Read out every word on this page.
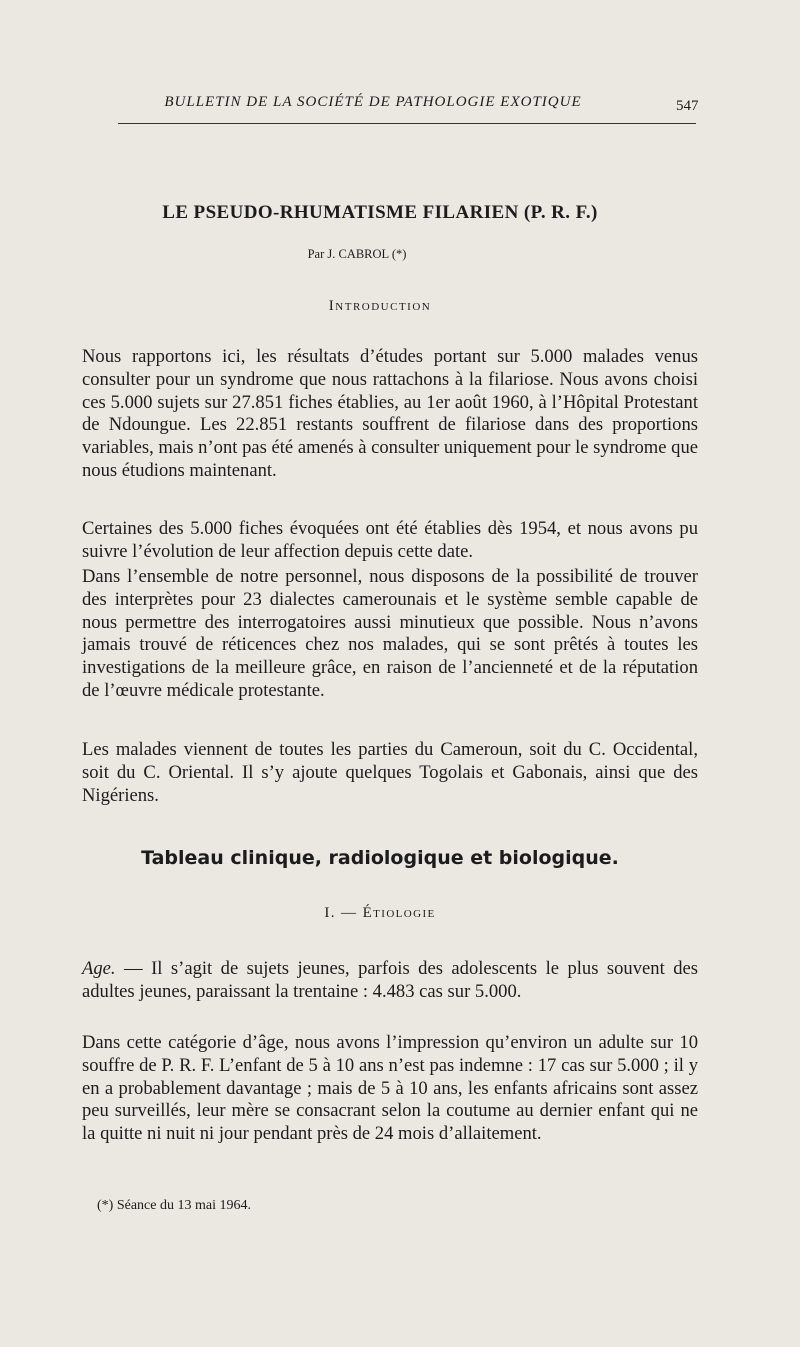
BULLETIN DE LA SOCIÉTÉ DE PATHOLOGIE EXOTIQUE	547
LE PSEUDO-RHUMATISME FILARIEN (P. R. F.)
Par J. CABROL (*)
Introduction

Nous rapportons ici, les résultats d’études portant sur 5.000 malades venus consulter pour un syndrome que nous rattachons à la filariose. Nous avons choisi ces 5.000 sujets sur 27.851 fiches établies, au 1er août 1960, à l’Hôpital Protestant de Ndoungue. Les 22.851 restants souffrent de filariose dans des proportions variables, mais n’ont pas été amenés à consulter uniquement pour le syndrome que nous étudions maintenant.

Certaines des 5.000 fiches évoquées ont été établies dès 1954, et nous avons pu suivre l’évolution de leur affection depuis cette date.

Dans l’ensemble de notre personnel, nous disposons de la possibilité de trouver des interprètes pour 23 dialectes camerounais et le système semble capable de nous permettre des interrogatoires aussi minutieux que possible. Nous n’avons jamais trouvé de réticences chez nos malades, qui se sont prêtés à toutes les investigations de la meilleure grâce, en raison de l’ancienneté et de la réputation de l’œuvre médicale protestante.

Les malades viennent de toutes les parties du Cameroun, soit du C. Occidental, soit du C. Oriental. Il s’y ajoute quelques Togolais et Gabonais, ainsi que des Nigériens.

Tableau clinique, radiologique et biologique.
I. — Étiologie

Age. — Il s’agit de sujets jeunes, parfois des adolescents le plus souvent des adultes jeunes, paraissant la trentaine : 4.483 cas sur 5.000.

Dans cette catégorie d’âge, nous avons l’impression qu’environ un adulte sur 10 souffre de P. R. F. L’enfant de 5 à 10 ans n’est pas indemne : 17 cas sur 5.000 ; il y en a probablement davantage ; mais de 5 à 10 ans, les enfants africains sont assez peu surveillés, leur mère se consacrant selon la coutume au dernier enfant qui ne la quitte ni nuit ni jour pendant près de 24 mois d’allaitement.

(*) Séance du 13 mai 1964.
